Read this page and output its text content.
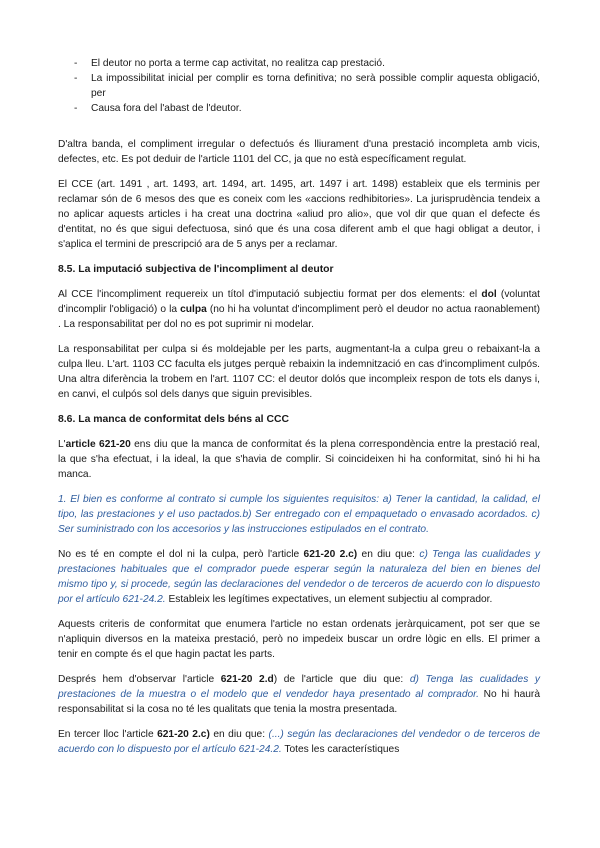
- El deutor no porta a terme cap activitat, no realitza cap prestació.
- La impossibilitat inicial per complir es torna definitiva; no serà possible complir aquesta obligació, per
- Causa fora del l'abast de l'deutor.

D'altra banda, el compliment irregular o defectuós és lliurament d'una prestació incompleta amb vicis, defectes, etc. Es pot deduir de l'article 1101 del CC, ja que no està específicament regulat.

El CCE (art. 1491 , art. 1493, art. 1494, art. 1495, art. 1497 i art. 1498) estableix que els terminis per reclamar són de 6 mesos des que es coneix com les «accions redhibitories». La jurisprudència tendeix a no aplicar aquests articles i ha creat una doctrina «aliud pro alio», que vol dir que quan el defecte és d'entitat, no és que sigui defectuosa, sinó que és una cosa diferent amb el que hagi obligat a deutor, i s'aplica el termini de prescripció ara de 5 anys per a reclamar.

8.5. La imputació subjectiva de l'incompliment al deutor

Al CCE l'incompliment requereix un títol d'imputació subjectiu format per dos elements: el dol (voluntat d'incomplir l'obligació) o la culpa (no hi ha voluntat d'incompliment però el deudor no actua raonablement) . La responsabilitat per dol no es pot suprimir ni modelar.

La responsabilitat per culpa si és moldejable per les parts, augmentant-la a culpa greu o rebaixant-la a culpa lleu. L'art. 1103 CC faculta els jutges perquè rebaixin la indemnització en cas d'incompliment culpós. Una altra diferència la trobem en l'art. 1107 CC: el deutor dolós que incompleix respon de tots els danys i, en canvi, el culpós sol dels danys que siguin previsibles.

8.6. La manca de conformitat dels béns al CCC

L'article 621-20 ens diu que la manca de conformitat és la plena correspondència entre la prestació real, la que s'ha efectuat, i la ideal, la que s'havia de complir. Si coincideixen hi ha conformitat, sinó hi hi ha manca.

1. El bien es conforme al contrato si cumple los siguientes requisitos: a) Tener la cantidad, la calidad, el tipo, las prestaciones y el uso pactados.b) Ser entregado con el empaquetado o envasado acordados. c) Ser suministrado con los accesorios y las instrucciones estipulados en el contrato.

No es té en compte el dol ni la culpa, però l'article 621-20 2.c) en diu que: c) Tenga las cualidades y prestaciones habituales que el comprador puede esperar según la naturaleza del bien en bienes del mismo tipo y, si procede, según las declaraciones del vendedor o de terceros de acuerdo con lo dispuesto por el artículo 621-24.2. Estableix les legítimes expectatives, un element subjectiu al comprador.

Aquests criteris de conformitat que enumera l'article no estan ordenats jeràrquicament, pot ser que se n'apliquin diversos en la mateixa prestació, però no impedeix buscar un ordre lògic en ells. El primer a tenir en compte és el que hagin pactat les parts.

Després hem d'observar l'article 621-20 2.d) de l'article que diu que: d) Tenga las cualidades y prestaciones de la muestra o el modelo que el vendedor haya presentado al comprador. No hi haurà responsabilitat si la cosa no té les qualitats que tenia la mostra presentada.

En tercer lloc l'article 621-20 2.c) en diu que: (...) según las declaraciones del vendedor o de terceros de acuerdo con lo dispuesto por el artículo 621-24.2. Totes les característiques
